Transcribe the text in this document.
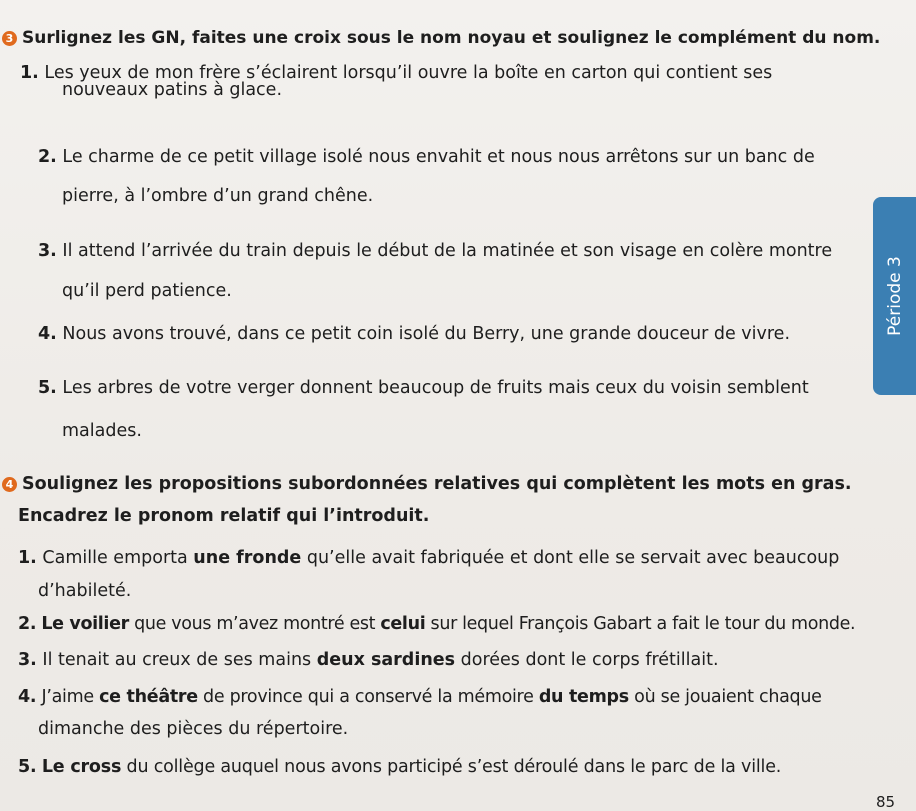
3 Surlignez les GN, faites une croix sous le nom noyau et soulignez le complément du nom.
1. Les yeux de mon frère s’éclairent lorsqu’il ouvre la boîte en carton qui contient ses
nouveaux patins à glace.
2. Le charme de ce petit village isolé nous envahit et nous nous arrêtons sur un banc de
pierre, à l’ombre d’un grand chêne.
3. Il attend l’arrivée du train depuis le début de la matinée et son visage en colère montre
qu’il perd patience.
4. Nous avons trouvé, dans ce petit coin isolé du Berry, une grande douceur de vivre.
5. Les arbres de votre verger donnent beaucoup de fruits mais ceux du voisin semblent
malades.
4 Soulignez les propositions subordonnées relatives qui complètent les mots en gras.
Encadrez le pronom relatif qui l’introduit.
1. Camille emporta une fronde qu’elle avait fabriquée et dont elle se servait avec beaucoup
d’habileté.
2. Le voilier que vous m’avez montré est celui sur lequel François Gabart a fait le tour du monde.
3. Il tenait au creux de ses mains deux sardines dorées dont le corps frétillait.
4. J’aime ce théâtre de province qui a conservé la mémoire du temps où se jouaient chaque
dimanche des pièces du répertoire.
5. Le cross du collège auquel nous avons participé s’est déroulé dans le parc de la ville.
Période 3
85
